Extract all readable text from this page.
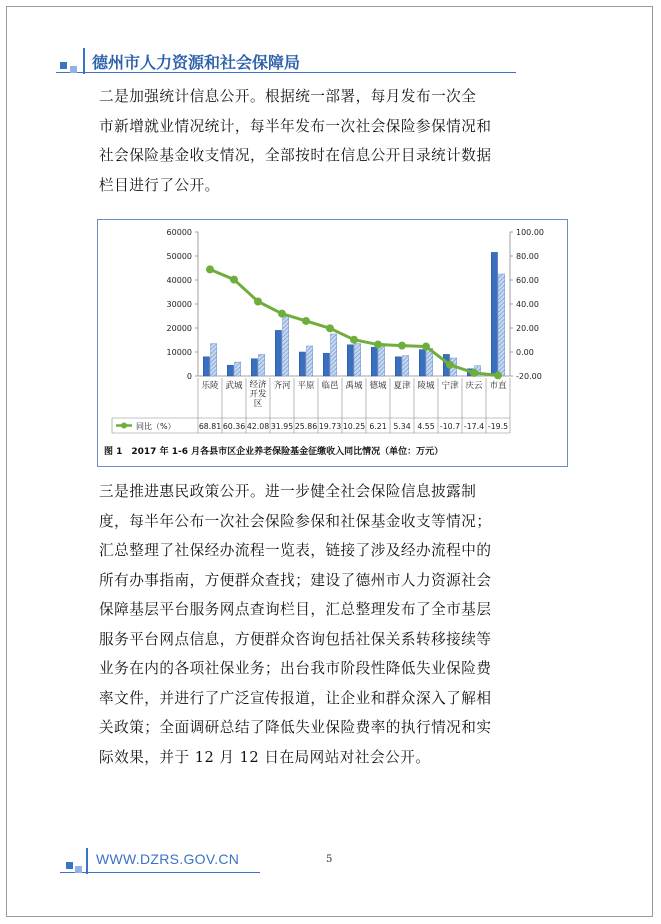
德州市人力资源和社会保障局
二是加强统计信息公开。根据统一部署，每月发布一次全
市新增就业情况统计，每半年发布一次社会保险参保情况和
社会保险基金收支情况，全部按时在信息公开目录统计数据
栏目进行了公开。
0
10000
20000
30000
40000
50000
60000
-20.00
0.00
20.00
40.00
60.00
80.00
100.00
乐陵 武城 经济开发区
齐河 平原 临邑 禹城 德城 夏津 陵城 宁津 庆云 市直
同比（%）	68.81 60.36 42.08 31.95 25.86 19.73 10.25 6.21 5.34 4.55 -10.7 -17.4 -19.5
图 1　2017 年 1-6 月各县市区企业养老保险基金征缴收入同比情况（单位：万元）
三是推进惠民政策公开。进一步健全社会保险信息披露制
度，每半年公布一次社会保险参保和社保基金收支等情况；
汇总整理了社保经办流程一览表，链接了涉及经办流程中的
所有办事指南，方便群众查找；建设了德州市人力资源社会
保障基层平台服务网点查询栏目，汇总整理发布了全市基层
服务平台网点信息，方便群众咨询包括社保关系转移接续等
业务在内的各项社保业务；出台我市阶段性降低失业保险费
率文件，并进行了广泛宣传报道，让企业和群众深入了解相
关政策；全面调研总结了降低失业保险费率的执行情况和实
际效果，并于 12 月 12 日在局网站对社会公开。
WWW.DZRS.GOV.CN	5
